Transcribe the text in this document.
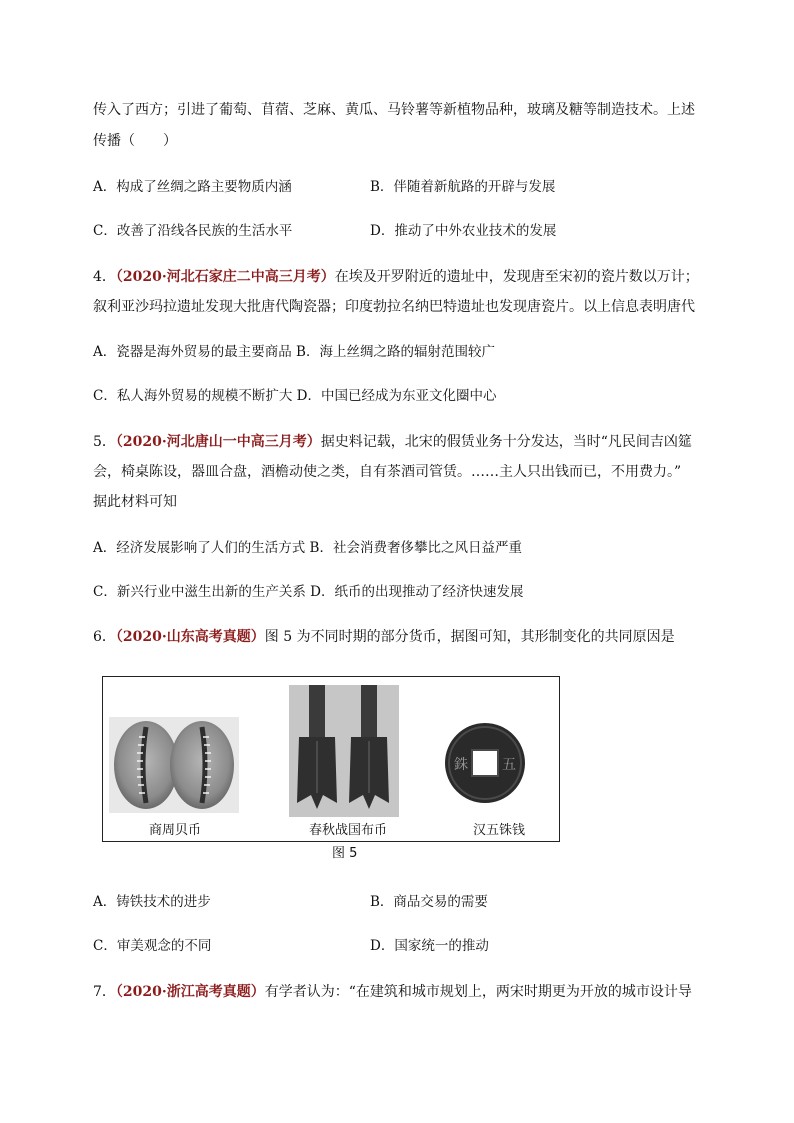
传入了西方；引进了葡萄、苜蓿、芝麻、黄瓜、马铃薯等新植物品种，玻璃及糖等制造技术。上述
传播（　　）
A．构成了丝绸之路主要物质内涵	B．伴随着新航路的开辟与发展
C．改善了沿线各民族的生活水平	D．推动了中外农业技术的发展
4．（2020·河北石家庄二中高三月考）在埃及开罗附近的遗址中，发现唐至宋初的瓷片数以万计；
叙利亚沙玛拉遗址发现大批唐代陶瓷器；印度勃拉名纳巴特遗址也发现唐瓷片。以上信息表明唐代
A．瓷器是海外贸易的最主要商品 B．海上丝绸之路的辐射范围较广
C．私人海外贸易的规模不断扩大 D．中国已经成为东亚文化圈中心
5．（2020·河北唐山一中高三月考）据史料记载，北宋的假赁业务十分发达，当时“凡民间吉凶筵
会，椅桌陈设，器皿合盘，酒檐动使之类，自有茶酒司管赁。……主人只出钱而已，不用费力。”
据此材料可知
A．经济发展影响了人们的生活方式 B．社会消费奢侈攀比之风日益严重
C．新兴行业中滋生出新的生产关系 D．纸币的出现推动了经济快速发展
6．（2020·山东高考真题）图 5 为不同时期的部分货币，据图可知，其形制变化的共同原因是
五
銖
商周贝币	春秋战国布币	汉五铢钱
图 5
A．铸铁技术的进步	B．商品交易的需要
C．审美观念的不同	D．国家统一的推动
7．（2020·浙江高考真题）有学者认为：“在建筑和城市规划上，两宋时期更为开放的城市设计导
